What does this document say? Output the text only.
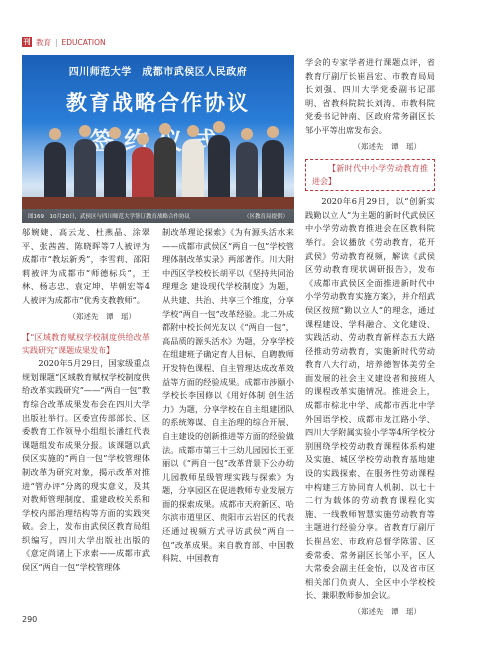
刊 教育 | EDUCATION
四川师范大学　成都市武侯区人民政府
教育战略合作协议
图169　10月20日，武侯区与四川师范大学签订教育战略合作协议	（区教育局提供）

邬婉婕、高云龙、杜燕晶、涂翠平、张茜茜、陈晓晖等7人被评为成都市“教坛新秀”，李雪莉、邵阳莉被评为成都市“师德标兵”，王林、杨志忠、袁定坤、毕朝宏等4人被评为成都市“优秀支教教师”。

（郑述先　谭　瑶）

【“区域教育赋权学校制度供给改革实践研究”课题成果发布】

2020年5月29日，国家级重点规划课题“区域教育赋权学校制度供给改革实践研究”——“两自一包”教育综合改革成果发布会在四川大学出版社举行。区委宣传部部长、区委教育工作领导小组组长潘红代表课题组发布成果分报。该课题以武侯区实施的“两自一包”学校管理体制改革为研究对象，揭示改革对推进“管办评”分离的现实意义，及其对教师管理制度、重建政校关系和学校内部治理结构等方面的实践突破。会上，发布由武侯区教育局组织编写，四川大学出版社出版的《意定尚诸上下求索——成都市武侯区“两自一包”学校管理体

制改革理论探索》《为有源头活水来——成都市武侯区“两自一包”学校管理体制改革实录》两部著作。川大附中西区学校校长胡平以《坚持共同治理理念 建设现代学校制度》为题，从共建、共治、共享三个维度，分享学校“两自一包”改革经验。北二外成都附中校长何光友以《“两自一包”，高品质的源头活水》为题，分享学校在组建班子确定育人目标、自聘教师开发特色课程、自主管理达成改革效益等方面的经验成果。成都市涉颐小学校长李国修以《用好体制 创生活力》为题，分享学校在自主组建团队的系统筹谋、自主治理的综合开展、自主建设的创新推进等方面的经验做法。成都市第三十三幼儿园园长王亚丽以《“两自一包”改革背景下公办幼儿园教师星级管理实践与探索》为题，分享园区在促进教师专业发展方面的探索成果。成都市天府新区、哈尔滨市道里区、贵阳市云岩区的代表还通过视频方式寻访武侯“两自一包”改革成果。来自教育部、中国教科院、中国教育

学会的专家学者进行课题点评，省教育厅副厅长崔昌宏、市教育局局长刘强、四川大学党委副书记邵明、省教科院院长刘涛、市教科院党委书记钟南、区政府常务副区长邹小平等出席发布会。

（郑述先　谭　瑶）

【新时代中小学劳动教育推进会】

2020年6月29日，以“创新实践勤以立人”为主题的新时代武侯区中小学劳动教育推进会在区教科院举行。会议播放《劳动教育，花开武侯》劳动教育视频，解读《武侯区劳动教育现状调研报告》，发布《成都市武侯区全面推进新时代中小学劳动教育实施方案》，并介绍武侯区按照“勤以立人”的理念，通过课程建设、学科融合、文化建设、实践活动、劳动教育新样态五大路径推动劳动教育，实施新时代劳动教育八大行动，培养德智体美劳全面发展的社会主义建设者和接班人的课程改革实施情况。推进会上，成都市棕北中学、成都市西北中学外国语学校、成都市龙江路小学、四川大学附属实验小学等4所学校分别围绕学校劳动教育课程体系构建及实施、城区学校劳动教育基地建设的实践探索、在服务性劳动课程中构建三方协同育人机制、以七十二行为载体的劳动教育课程化实施、一线教师智慧实施劳动教育等主题进行经验分享。省教育厅副厅长崔昌宏、市政府总督学陈雷、区委常委、常务副区长邹小平，区人大常委会副主任金怡，以及省市区相关部门负责人、全区中小学校校长、兼职教师参加会议。

（郑述先　谭　瑶）
290
